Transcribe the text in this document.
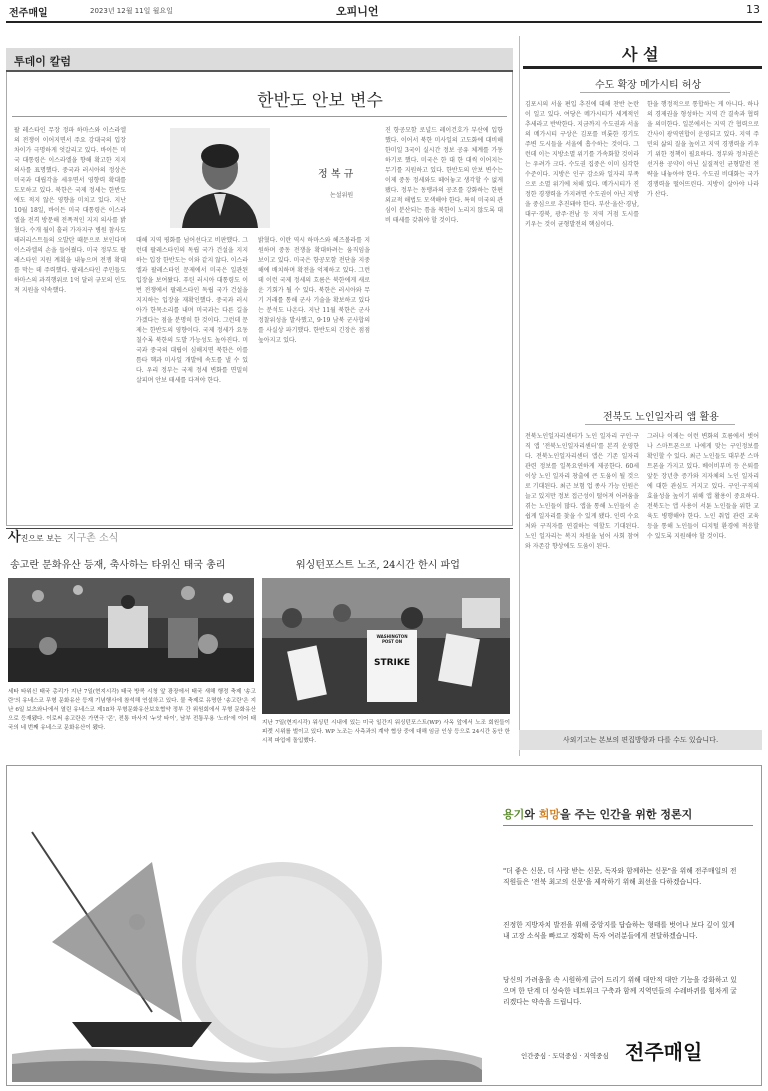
전주매일	2023년 12월 11일 월요일	오피니언	13
투데이 칼럼
한반도 안보 변수
팔 레스타인 무장 정파 하마스와 이스라엘의 전쟁이 이어지면서 주요 강대국의 입장 차이가 극명하게 엇갈리고 있다. 바이든 미국 대통령은 이스라엘을 향해 확고한 지지의사를 표명했다. 중국과 러시아의 정상은 미국과 대립각을 세우면서 영향력 확대를 도모하고 있다. 북한은 국제 정세는 한반도에도 적지 않은 영향을 미치고 있다. 지난 10월 18일, 바이든 미국 대통령은 이스라엘을 전격 방문해 전폭적인 지지 의사를 밝혔다. 수개 월이 흘러 가자지구 병원 참사도 테러리스트들의 오발탄 때문으로 보인다며 이스라엘의 손을 들어줬다. 미국 정부도 팔레스타인 지원 계획을 내놓으며 전쟁 확대를 막는 데 주력했다. 팔레스타인 주민들도 하마스의 과격행위로 1억 달러 규모의 인도적 지원을 약속했다.
정 복 규
논설위원
대해 지역 평화를 넘어선다고 비판했다. 그런데 팔레스타인의 독립 국가 건설을 지지하는 입장 한반도는 이와 같지 않다. 이스라엘과 팔레스타인 문제에서 미국은 일관된 입장을 보여왔다. 푸틴 러시아 대통령도 이번 전쟁에서 팔레스타인 독립 국가 건설을 지지하는 입장을 재확인했다. 중국과 러시아가 한목소리를 내며 미국과는 다른 길을 가겠다는 점을 분명히 한 것이다. 그런데 문제는 한반도의 영향이다. 국제 정세가 요동칠수록 북한의 도발 가능성도 높아진다. 미국과 중국의 대립이 심해지면 북한은 이를 틈타 핵과 미사일 개발에 속도를 낼 수 있다. 우리 정부는 국제 정세 변화를 면밀히 살피며 안보 태세를 다져야 한다.
밝혔다. 이란 역시 하마스와 헤즈볼라를 지원하며 중동 전쟁을 확대하려는 움직임을 보이고 있다. 미국은 항공모함 전단을 지중해에 배치하며 확전을 억제하고 있다. 그런데 이런 국제 정세의 흐름은 북한에게 새로운 기회가 될 수 있다. 북한은 러시아와 무기 거래를 통해 군사 기술을 확보하고 있다는 분석도 나온다. 지난 11월 북한은 군사정찰위성을 발사했고, 9·19 남북 군사합의를 사실상 파기했다. 한반도의 긴장은 점점 높아지고 있다.
진 항공모함 로널드 레이건호가 부산에 입항했다. 이어서 북한 미사일의 고도화에 대비해 한미일 3국이 실시간 정보 공유 체계를 가동하기로 했다. 미국은 한 대 한 대씩 이어지는 무기를 지원하고 있다. 한반도의 안보 변수는 이제 중동 정세와도 떼어놓고 생각할 수 없게 됐다. 정부는 동맹과의 공조를 강화하는 한편 외교적 해법도 모색해야 한다. 특히 미국의 관심이 분산되는 틈을 북한이 노리지 않도록 대비 태세를 갖춰야 할 것이다.
사진으로 보는 지구촌 소식
송고란 문화유산 등재, 축사하는 타위신 태국 총리
세타 타위신 태국 총리가 지난 7일(현지시각) 태국 방콕 시청 앞 광장에서 태국 새해 행정 축제 '송고란'의 유네스코 무형 문화유산 등재 기념행사에 참석해 연설하고 있다. 물 축제로 유명한 '송고란'은 지난 6일 보츠와나에서 열린 유네스코 제18차 무형문화유산보호협약 정부 간 위원회에서 무형 문화유산으로 등재됐다. 이로써 송고란은 가면극 '콘', 전통 마사지 '누앗 타이', 남부 전통무용 '노라'에 이어 태국의 네 번째 유네스코 문화유산이 됐다.
워싱턴포스트 노조, 24시간 한시 파업
WASHINGTON POST ON
STRIKE
지난 7일(현지시각) 워싱턴 시내에 있는 미국 일간지 워싱턴포스트(WP) 사옥 앞에서 노조 회원들이 피켓 시위를 벌이고 있다. WP 노조는 사측과의 계약 협상 중에 대해 임금 인상 등으로 24시간 동안 한시적 파업에 돌입했다.
사 설
수도 확장 메가시티 허상
김포시의 서울 편입 추진에 대해 찬반 논란이 일고 있다. 여당은 메가시티가 세계적인 추세라고 반박한다. 지금까지 수도권과 서울의 메가시티 구상은 김포를 비롯한 경기도 주변 도시들을 서울에 흡수하는 것이다. 그런데 이는 지방소멸 위기를 가속화할 것이라는 우려가 크다. 수도권 집중은 이미 심각한 수준이다. 지방은 인구 감소와 일자리 부족으로 소멸 위기에 처해 있다. 메가시티가 진정한 경쟁력을 가지려면 수도권이 아닌 지방을 중심으로 추진돼야 한다. 부산·울산·경남, 대구·경북, 광주·전남 등 지역 거점 도시를 키우는 것이 균형발전의 핵심이다.
한을 행정적으로 통합하는 게 아니다. 하나의 경제권을 형성하는 지역 간 결속과 협력을 의미한다. 일본에서는 지역 간 협력으로 간사이 광역연합이 운영되고 있다. 지역 주민의 삶의 질을 높이고 지역 경쟁력을 키우기 위한 정책이 필요하다. 정부와 정치권은 선거용 공약이 아닌 실질적인 균형발전 전략을 내놓아야 한다. 수도권 비대화는 국가 경쟁력을 떨어뜨린다. 지방이 살아야 나라가 산다.
전북도 노인일자리 앱 활용
전북노인일자리센터가 노인 일자리 구인·구직 앱 '전북노인일자리센터'를 본격 운영한다. 전북노인일자리센터 앱은 기존 일자리 관련 정보를 일목요연하게 제공한다. 60세 이상 노인 일자리 창출에 큰 도움이 될 것으로 기대된다. 최근 보험 업 종사 가능 인원은 늘고 있지만 정보 접근성이 떨어져 어려움을 겪는 노인들이 많다. 앱을 통해 노인들이 손쉽게 일자리를 찾을 수 있게 됐다. 인력 수요처와 구직자를 연결하는 역할도 기대된다. 노인 일자리는 복지 차원을 넘어 사회 참여와 자존감 향상에도 도움이 된다.
그러나 이제는 이런 변화의 흐름에서 벗어나 스마트폰으로 나에게 맞는 구인정보를 확인할 수 있다. 최근 노인들도 대부분 스마트폰을 가지고 있다. 베이비부머 등 은퇴를 앞둔 장년층 증가와 지자체의 노인 일자리에 대한 관심도 커지고 있다. 구인·구직의 효율성을 높이기 위해 앱 활용이 중요하다. 전북도는 앱 사용이 서툰 노인들을 위한 교육도 병행해야 한다. 노인 취업 관련 교육 등을 통해 노인들이 디지털 환경에 적응할 수 있도록 지원해야 할 것이다.
사외기고는 본보의 편집방향과 다를 수도 있습니다.
용기와 희망을 주는 인간을 위한 정론지
"더 좋은 신문, 더 사랑 받는 신문, 독자와 함께하는 신문"을 위해 전주매일의 전 직원들은 '전북 최고의 신문'을 제작하기 위해 최선을 다하겠습니다.
진정한 지방자치 발전을 위해 중앙지를 답습하는 형태를 벗어나 보다 깊이 있게 내 고장 소식을 빠르고 정확히 독자 여러분들에게 전달하겠습니다.
당신의 가려움을 속 시원하게 긁어 드리기 위해 대안적 대안 기능을 강화하고 있으며 한 단계 더 성숙한 네트워크 구축과 함께 지역민들의 수레바퀴를 힘차게 굴리겠다는 약속을 드립니다.
인간중심 · 도덕중심 · 지역중심 전주매일
